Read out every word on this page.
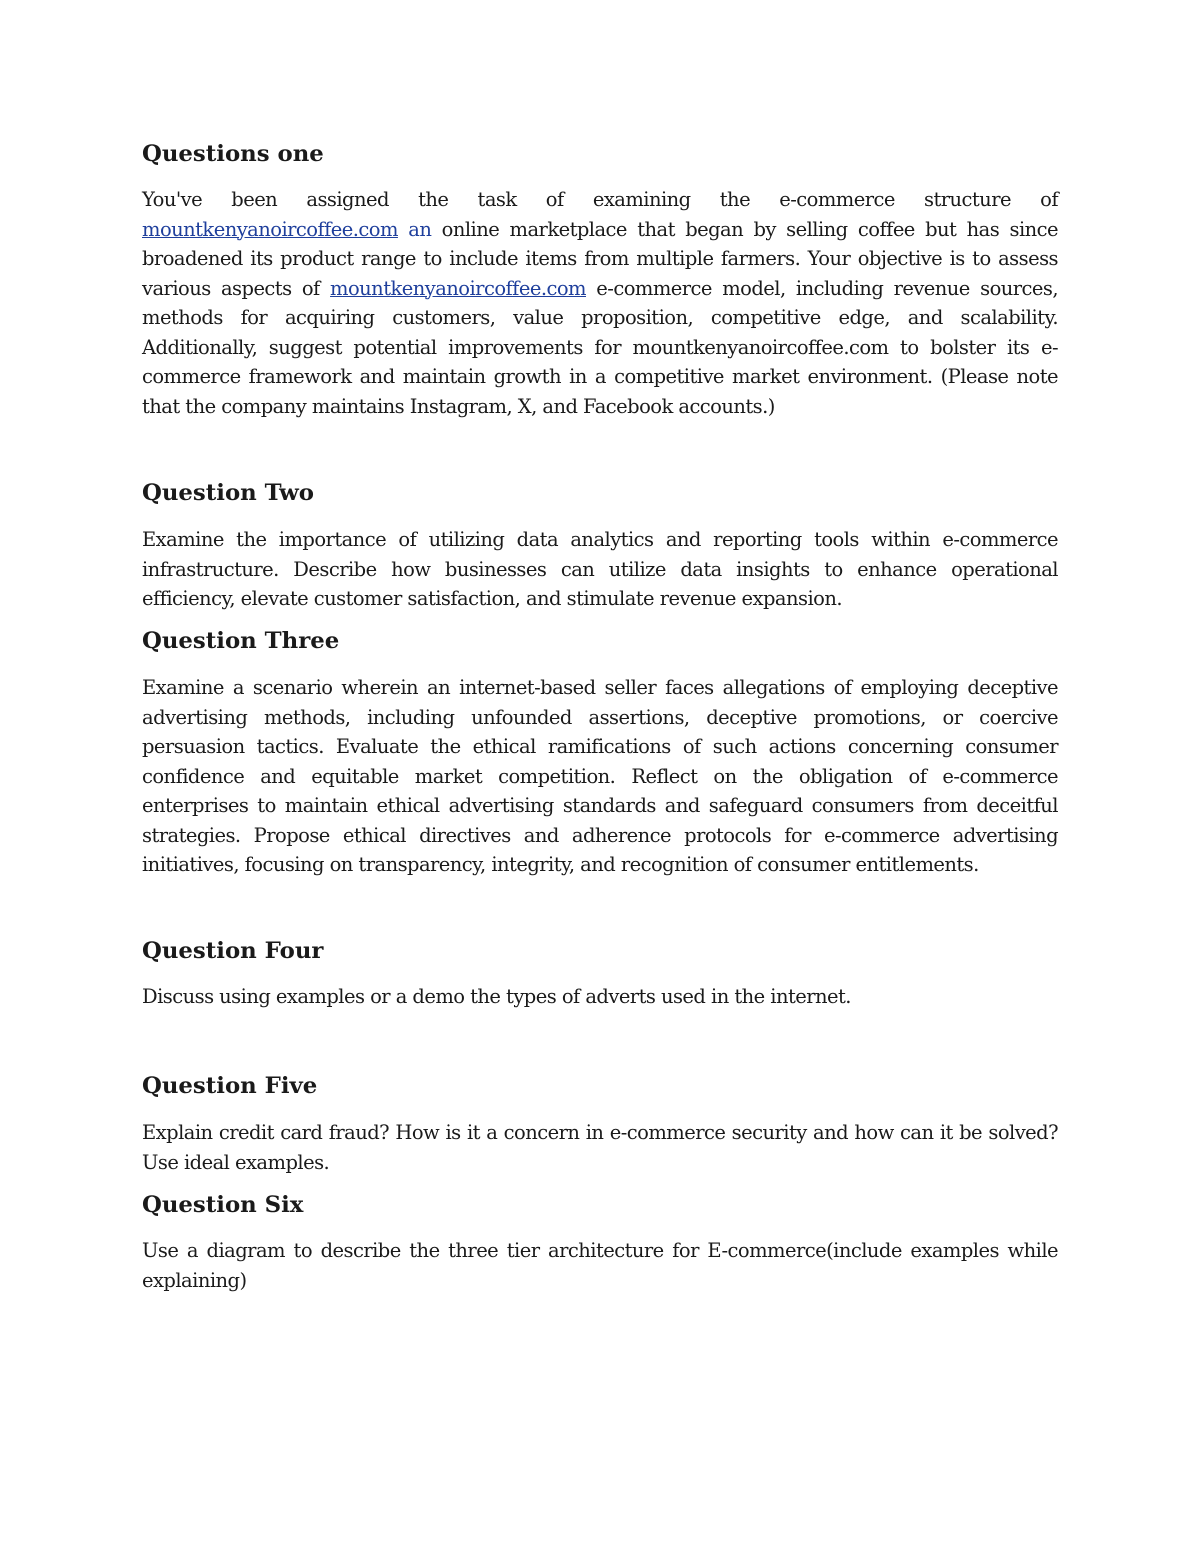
Questions one

You've been assigned the task of examining the e-commerce structure of mountkenyanoircoffee.com an online marketplace that began by selling coffee but has since broadened its product range to include items from multiple farmers. Your objective is to assess various aspects of mountkenyanoircoffee.com e-commerce model, including revenue sources, methods for acquiring customers, value proposition, competitive edge, and scalability. Additionally, suggest potential improvements for mountkenyanoircoffee.com to bolster its e-commerce framework and maintain growth in a competitive market environment. (Please note that the company maintains Instagram, X, and Facebook accounts.)

Question Two

Examine the importance of utilizing data analytics and reporting tools within e-commerce infrastructure. Describe how businesses can utilize data insights to enhance operational efficiency, elevate customer satisfaction, and stimulate revenue expansion.

Question Three

Examine a scenario wherein an internet-based seller faces allegations of employing deceptive advertising methods, including unfounded assertions, deceptive promotions, or coercive persuasion tactics. Evaluate the ethical ramifications of such actions concerning consumer confidence and equitable market competition. Reflect on the obligation of e-commerce enterprises to maintain ethical advertising standards and safeguard consumers from deceitful strategies. Propose ethical directives and adherence protocols for e-commerce advertising initiatives, focusing on transparency, integrity, and recognition of consumer entitlements.

Question Four

Discuss using examples or a demo the types of adverts used in the internet.

Question Five

Explain credit card fraud? How is it a concern in e-commerce security and how can it be solved? Use ideal examples.

Question Six

Use a diagram to describe the three tier architecture for E-commerce(include examples while explaining)
